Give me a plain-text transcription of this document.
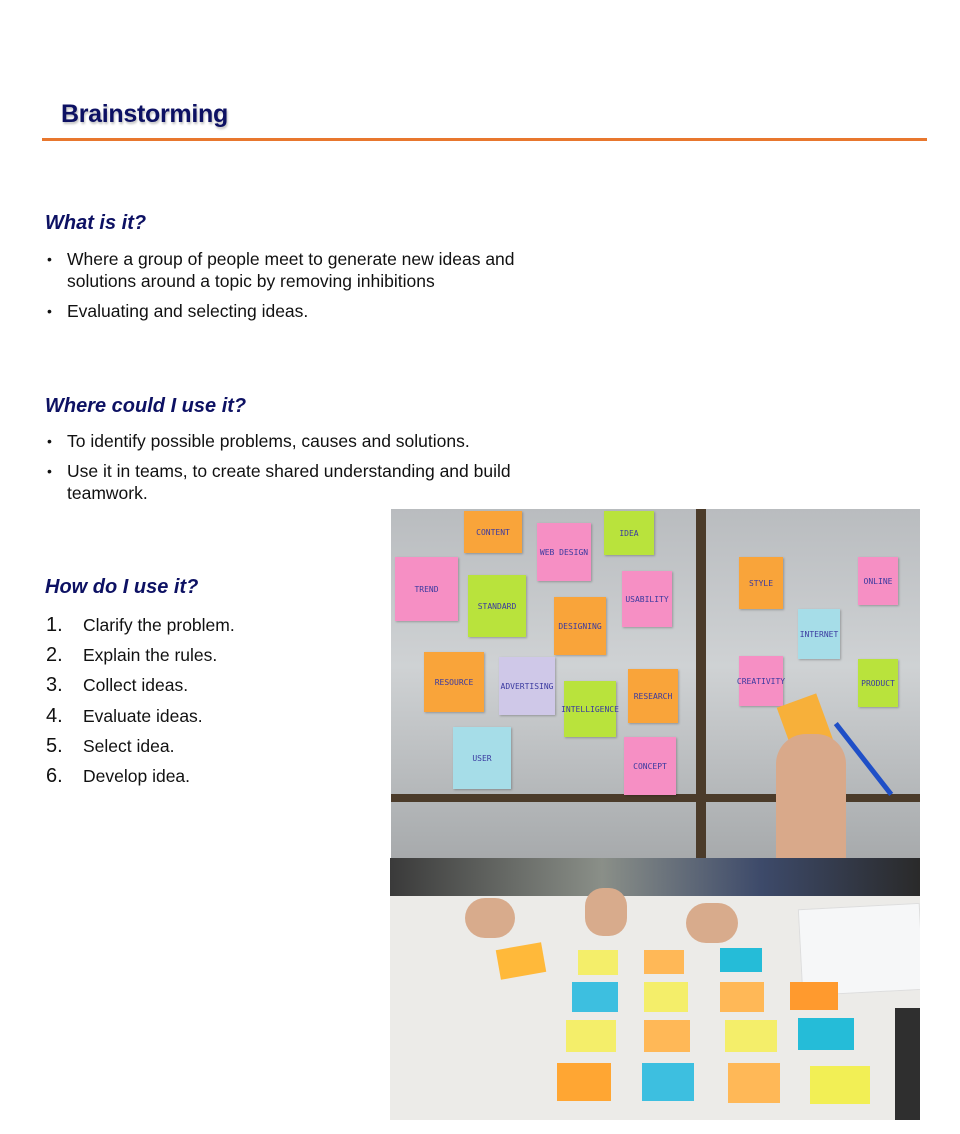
Brainstorming
What is it?
• Where a group of people meet to generate new ideas and solutions around a topic by removing inhibitions
• Evaluating and selecting ideas.
Where could I use it?
• To identify possible problems, causes and solutions.
• Use it in teams, to create shared understanding and build teamwork.
How do I use it?
1.	Clarify the problem.
2.	Explain the rules.
3.	Collect ideas.
4.	Evaluate ideas.
5.	Select idea.
6.	Develop idea.
CONTENT
WEB DESIGN
IDEA
TREND
STANDARD
DESIGNING
USABILITY
RESOURCE	ADVERTISING
INTELLIGENCE
RESEARCH
USER
CONCEPT
STYLE
INTERNET
CREATIVITY	PRODUCT
ONLINE
